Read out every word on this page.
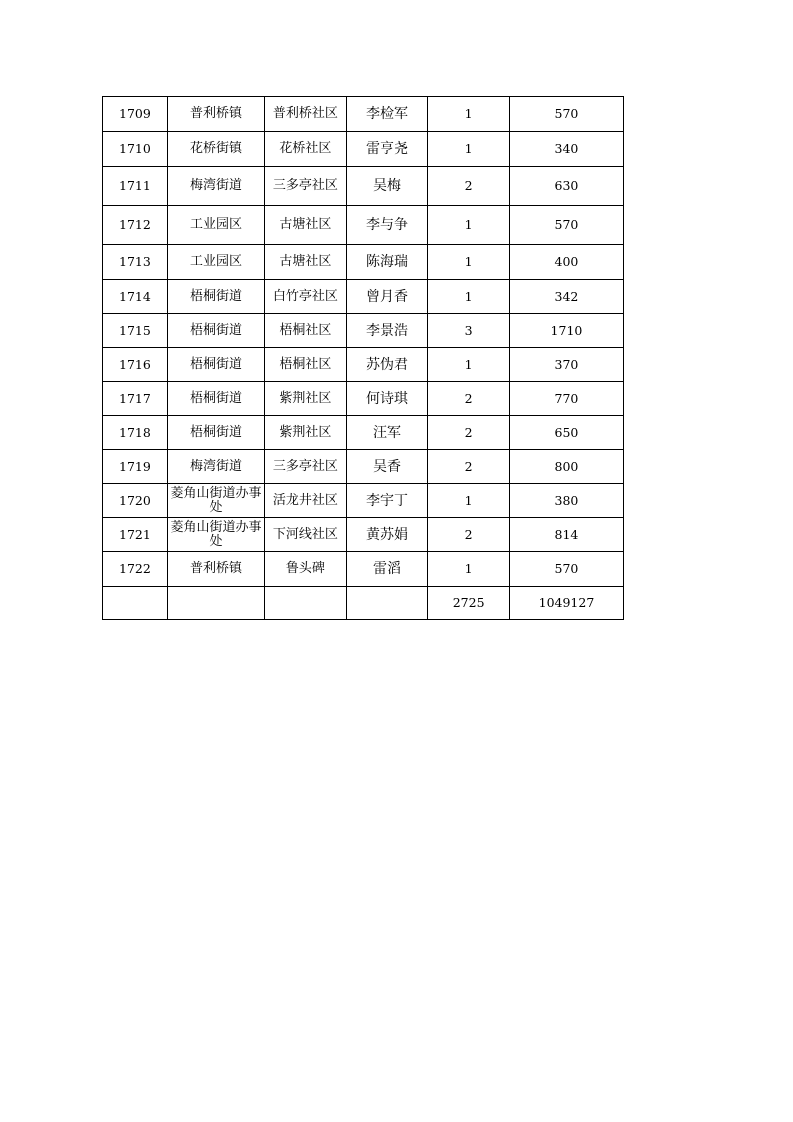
1709	普利桥镇	普利桥社区	李检军	1	570
1710	花桥街镇	花桥社区	雷亨尧	1	340
1711	梅湾街道	三多亭社区	吴梅	2	630
1712	工业园区	古塘社区	李与争	1	570
1713	工业园区	古塘社区	陈海瑞	1	400
1714	梧桐街道	白竹亭社区	曾月香	1	342
1715	梧桐街道	梧桐社区	李景浩	3	1710
1716	梧桐街道	梧桐社区	苏伪君	1	370
1717	梧桐街道	紫荆社区	何诗琪	2	770
1718	梧桐街道	紫荆社区	汪军	2	650
1719	梅湾街道	三多亭社区	吴香	2	800
1720	菱角山街道办事处	活龙井社区	李宇丁	1	380
1721	菱角山街道办事处	下河线社区	黄苏娟	2	814
1722	普利桥镇	鲁头碑	雷滔	1	570
				2725	1049127
